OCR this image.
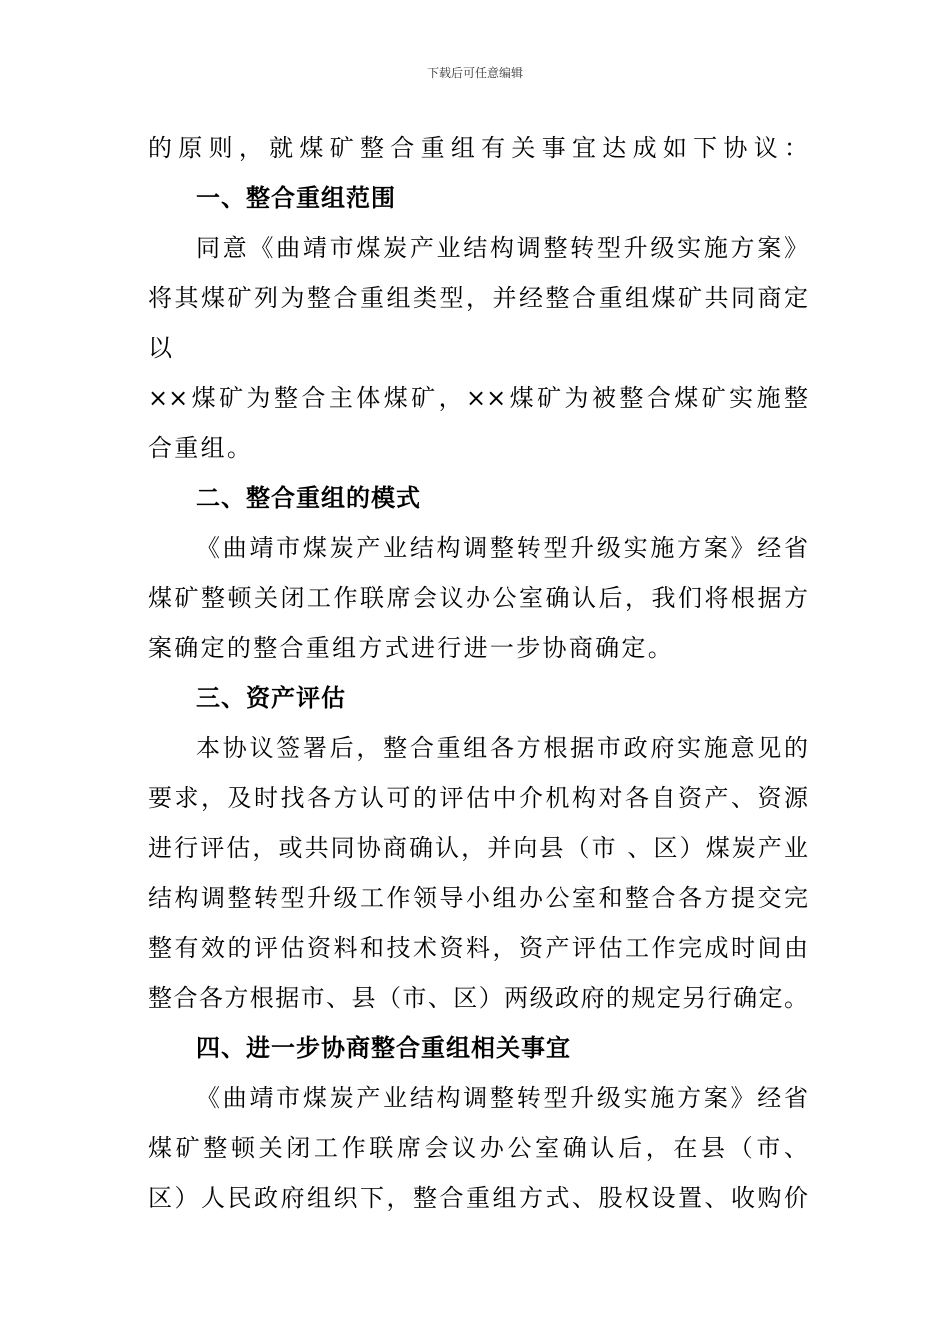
下载后可任意编辑
的原则，就煤矿整合重组有关事宜达成如下协议：
一、整合重组范围
同意《曲靖市煤炭产业结构调整转型升级实施方案》
将其煤矿列为整合重组类型，并经整合重组煤矿共同商定
以
××煤矿为整合主体煤矿，××煤矿为被整合煤矿实施整
合重组。
二、整合重组的模式
《曲靖市煤炭产业结构调整转型升级实施方案》经省
煤矿整顿关闭工作联席会议办公室确认后，我们将根据方
案确定的整合重组方式进行进一步协商确定。
三、资产评估
本协议签署后，整合重组各方根据市政府实施意见的
要求，及时找各方认可的评估中介机构对各自资产、资源
进行评估，或共同协商确认，并向县（市 、区）煤炭产业
结构调整转型升级工作领导小组办公室和整合各方提交完
整有效的评估资料和技术资料，资产评估工作完成时间由
整合各方根据市、县（市、区）两级政府的规定另行确定。
四、进一步协商整合重组相关事宜
《曲靖市煤炭产业结构调整转型升级实施方案》经省
煤矿整顿关闭工作联席会议办公室确认后，在县（市、
区）人民政府组织下，整合重组方式、股权设置、收购价
